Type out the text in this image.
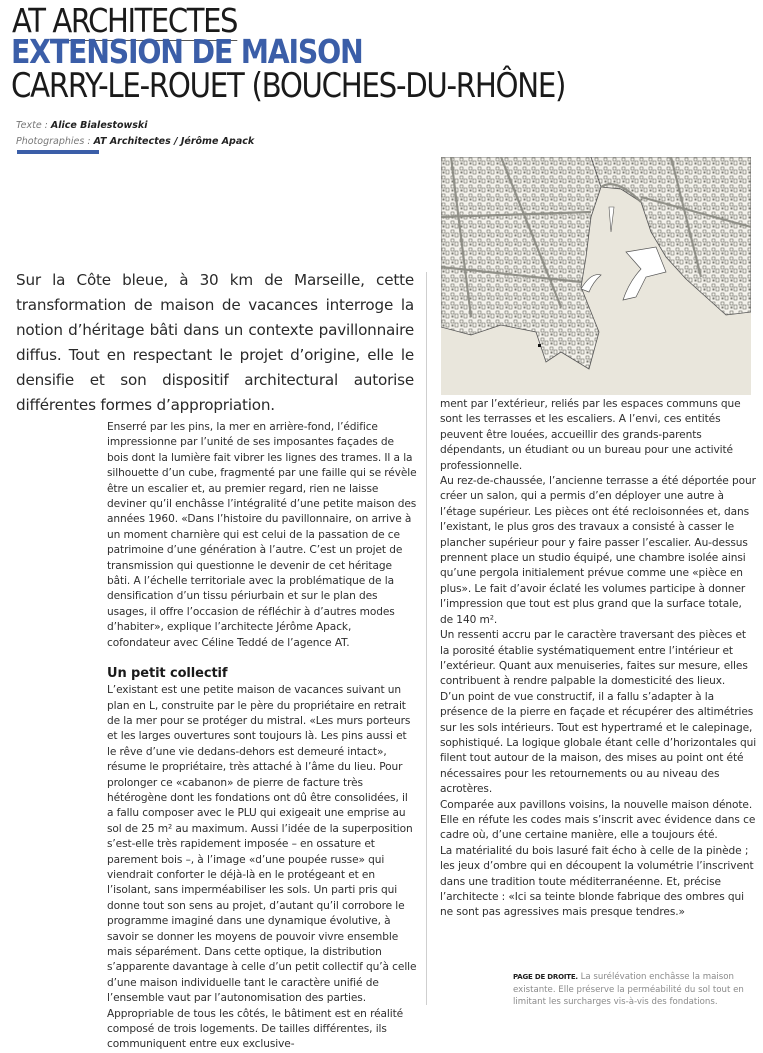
AT ARCHITECTES
EXTENSION DE MAISON
CARRY-LE-ROUET (BOUCHES-DU-RHÔNE)
Texte : Alice Bialestowski
Photographies : AT Architectes / Jérôme Apack
Sur la Côte bleue, à 30 km de Marseille, cette transformation de maison de vacances interroge la notion d’héritage bâti dans un contexte pavillonnaire diffus. Tout en respectant le projet d’origine, elle le densifie et son dispositif architectural autorise différentes formes d’appropriation.

Enserré par les pins, la mer en arrière-fond, l’édifice impressionne par l’unité de ses imposantes façades de bois dont la lumière fait vibrer les lignes des trames. Il a la silhouette d’un cube, fragmenté par une faille qui se révèle être un escalier et, au premier regard, rien ne laisse deviner qu’il enchâsse l’intégralité d’une petite maison des années 1960. «Dans l’histoire du pavillonnaire, on arrive à un moment charnière qui est celui de la passation de ce patrimoine d’une génération à l’autre. C’est un projet de transmission qui questionne le devenir de cet héritage bâti. A l’échelle territoriale avec la problématique de la densification d’un tissu périurbain et sur le plan des usages, il offre l’occasion de réfléchir à d’autres modes d’habiter», explique l’architecte Jérôme Apack, cofondateur avec Céline Teddé de l’agence AT.

Un petit collectif

L’existant est une petite maison de vacances suivant un plan en L, construite par le père du propriétaire en retrait de la mer pour se protéger du mistral. «Les murs porteurs et les larges ouvertures sont toujours là. Les pins aussi et le rêve d’une vie dedans-dehors est demeuré intact», résume le propriétaire, très attaché à l’âme du lieu. Pour prolonger ce «cabanon» de pierre de facture très hétérogène dont les fondations ont dû être consolidées, il a fallu composer avec le PLU qui exigeait une emprise au sol de 25 m² au maximum. Aussi l’idée de la superposition s’est-elle très rapidement imposée – en ossature et parement bois –, à l’image «d’une poupée russe» qui viendrait conforter le déjà-là en le protégeant et en l’isolant, sans imperméabiliser les sols. Un parti pris qui donne tout son sens au projet, d’autant qu’il corrobore le programme imaginé dans une dynamique évolutive, à savoir se donner les moyens de pouvoir vivre ensemble mais séparément. Dans cette optique, la distribution s’apparente davantage à celle d’un petit collectif qu’à celle d’une maison individuelle tant le caractère unifié de l’ensemble vaut par l’autonomisation des parties. Appropriable de tous les côtés, le bâtiment est en réalité composé de trois logements. De tailles différentes, ils communiquent entre eux exclusive-

ment par l’extérieur, reliés par les espaces communs que sont les terrasses et les escaliers. A l’envi, ces entités peuvent être louées, accueillir des grands-parents dépendants, un étudiant ou un bureau pour une activité professionnelle.

Au rez-de-chaussée, l’ancienne terrasse a été déportée pour créer un salon, qui a permis d’en déployer une autre à l’étage supérieur. Les pièces ont été recloisonnées et, dans l’existant, le plus gros des travaux a consisté à casser le plancher supérieur pour y faire passer l’escalier. Au-dessus prennent place un studio équipé, une chambre isolée ainsi qu’une pergola initialement prévue comme une «pièce en plus». Le fait d’avoir éclaté les volumes participe à donner l’impression que tout est plus grand que la surface totale, de 140 m².

Un ressenti accru par le caractère traversant des pièces et la porosité établie systématiquement entre l’intérieur et l’extérieur. Quant aux menuiseries, faites sur mesure, elles contribuent à rendre palpable la domesticité des lieux.

D’un point de vue constructif, il a fallu s’adapter à la présence de la pierre en façade et récupérer des altimétries sur les sols intérieurs. Tout est hypertramé et le calepinage, sophistiqué. La logique globale étant celle d’horizontales qui filent tout autour de la maison, des mises au point ont été nécessaires pour les retournements ou au niveau des acrotères.

Comparée aux pavillons voisins, la nouvelle maison dénote. Elle en réfute les codes mais s’inscrit avec évidence dans ce cadre où, d’une certaine manière, elle a toujours été.

La matérialité du bois lasuré fait écho à celle de la pinède ; les jeux d’ombre qui en découpent la volumétrie l’inscrivent dans une tradition toute méditerranéenne. Et, précise l’architecte : «Ici sa teinte blonde fabrique des ombres qui ne sont pas agressives mais presque tendres.»

PAGE DE DROITE. La surélévation enchâsse la maison existante. Elle préserve la perméabilité du sol tout en limitant les surcharges vis-à-vis des fondations.
